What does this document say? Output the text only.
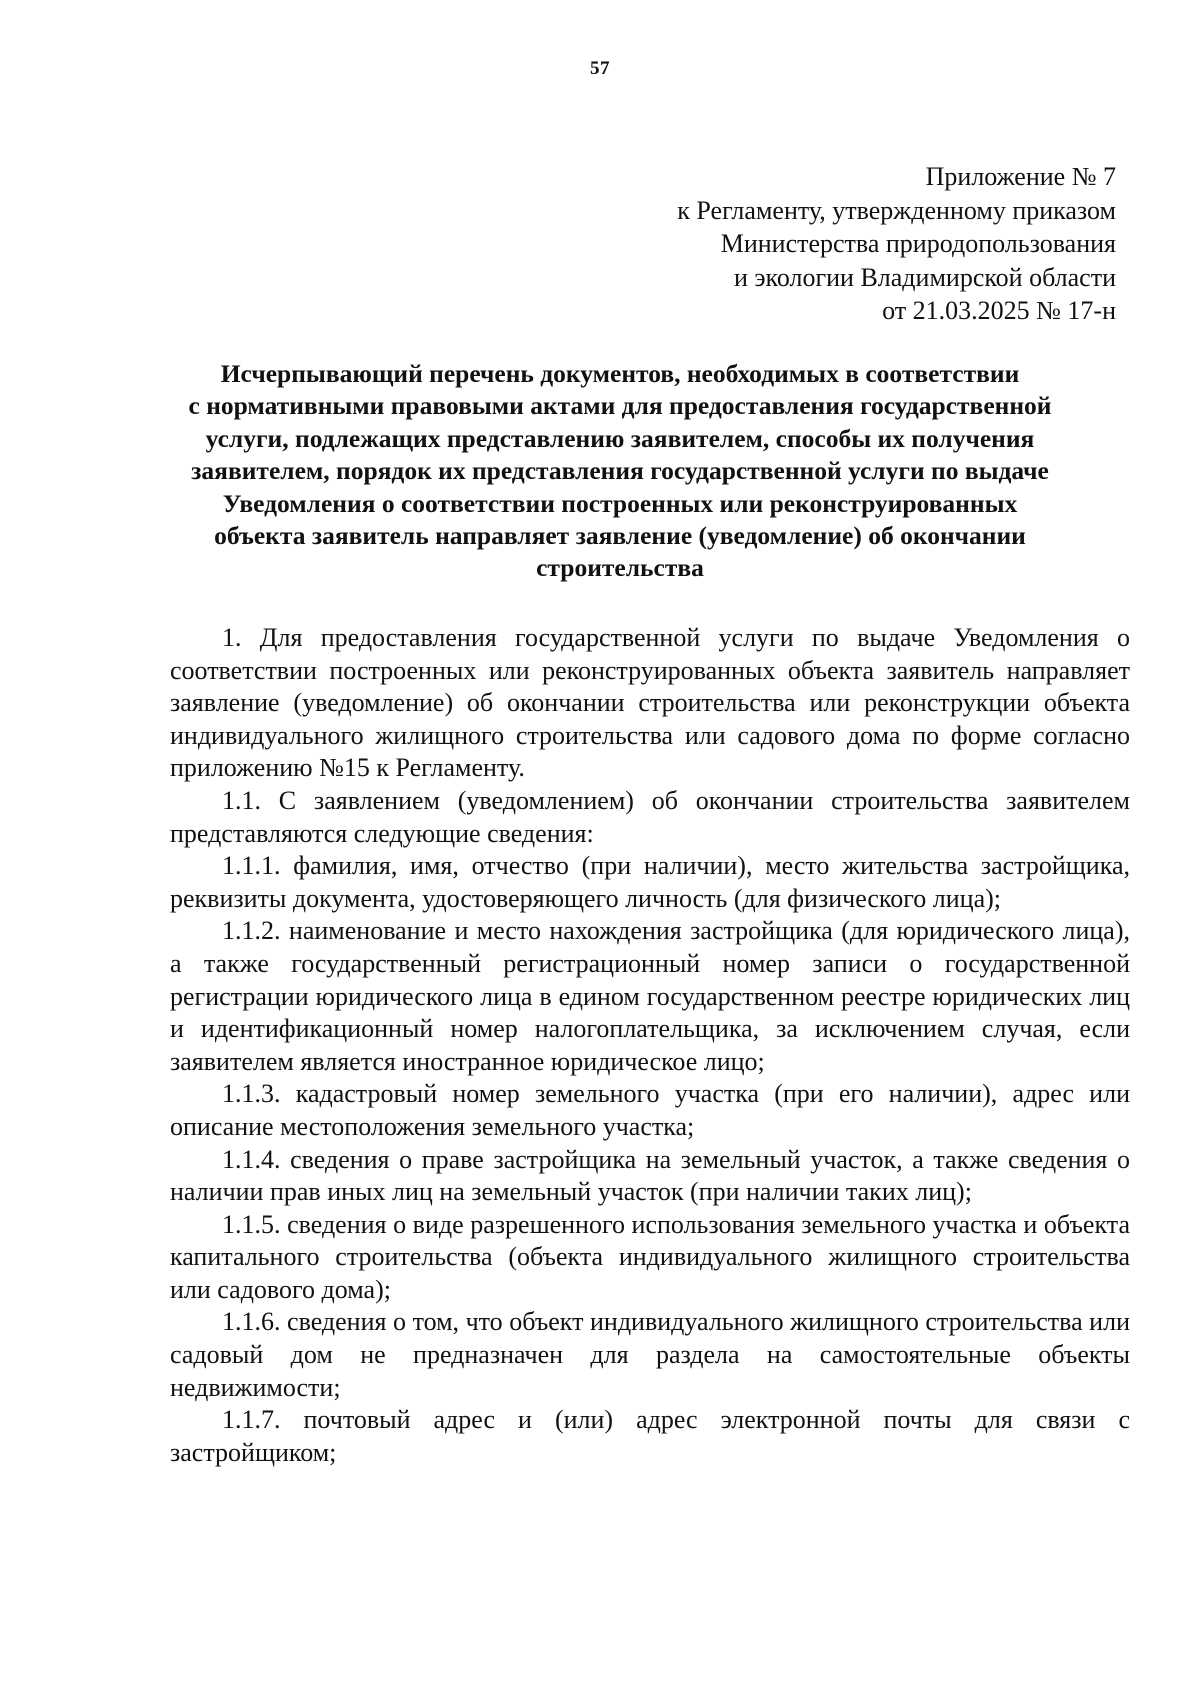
57
Приложение № 7
к Регламенту, утвержденному приказом
Министерства природопользования
и экологии Владимирской области
от 21.03.2025 № 17-н
Исчерпывающий перечень документов, необходимых в соответствии
с нормативными правовыми актами для предоставления государственной
услуги, подлежащих представлению заявителем, способы их получения
заявителем, порядок их представления государственной услуги по выдаче
Уведомления о соответствии построенных или реконструированных
объекта заявитель направляет заявление (уведомление) об окончании
строительства

1. Для предоставления государственной услуги по выдаче Уведомления о соответствии построенных или реконструированных объекта заявитель направляет заявление (уведомление) об окончании строительства или реконструкции объекта индивидуального жилищного строительства или садового дома по форме согласно приложению №15 к Регламенту.

1.1. С заявлением (уведомлением) об окончании строительства заявителем представляются следующие сведения:

1.1.1. фамилия, имя, отчество (при наличии), место жительства застройщика, реквизиты документа, удостоверяющего личность (для физического лица);

1.1.2. наименование и место нахождения застройщика (для юридического лица), а также государственный регистрационный номер записи о государственной регистрации юридического лица в едином государственном реестре юридических лиц и идентификационный номер налогоплательщика, за исключением случая, если заявителем является иностранное юридическое лицо;

1.1.3. кадастровый номер земельного участка (при его наличии), адрес или описание местоположения земельного участка;

1.1.4. сведения о праве застройщика на земельный участок, а также сведения о наличии прав иных лиц на земельный участок (при наличии таких лиц);

1.1.5. сведения о виде разрешенного использования земельного участка и объекта капитального строительства (объекта индивидуального жилищного строительства или садового дома);

1.1.6. сведения о том, что объект индивидуального жилищного строительства или садовый дом не предназначен для раздела на самостоятельные объекты недвижимости;

1.1.7. почтовый адрес и (или) адрес электронной почты для связи с застройщиком;
